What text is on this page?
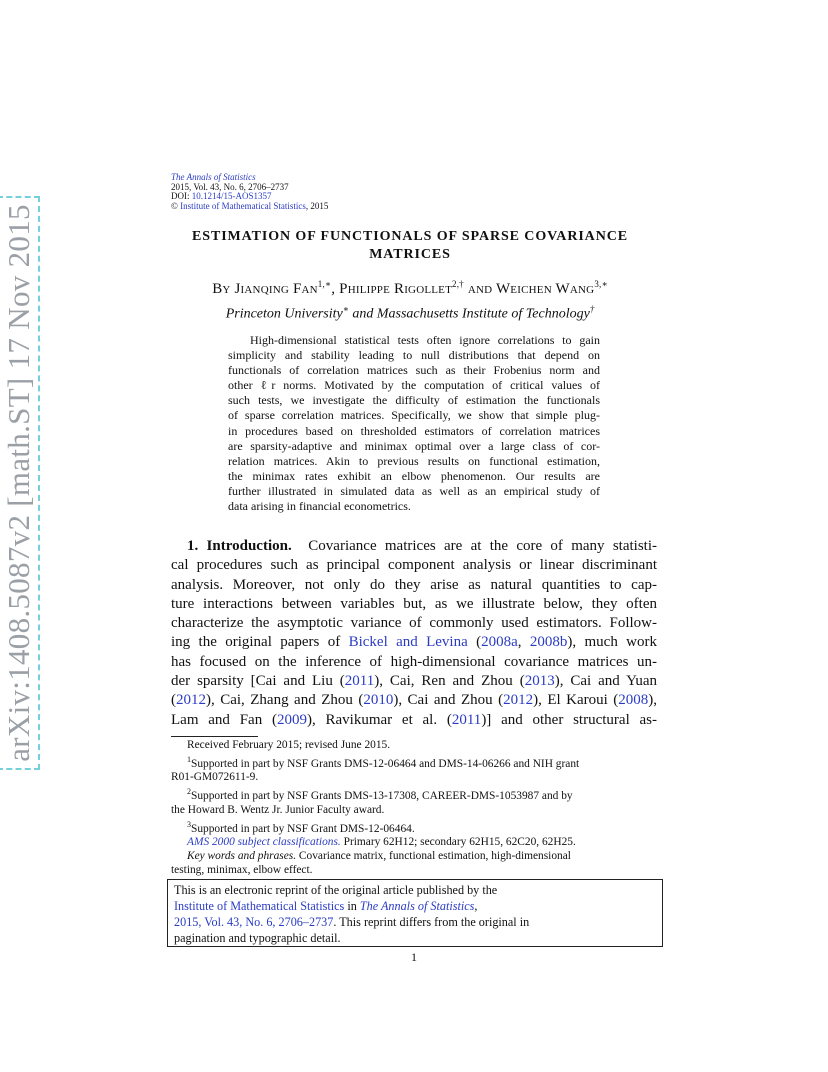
arXiv:1408.5087v2 [math.ST] 17 Nov 2015
The Annals of Statistics
2015, Vol. 43, No. 6, 2706–2737
DOI: 10.1214/15-AOS1357
© Institute of Mathematical Statistics, 2015
ESTIMATION OF FUNCTIONALS OF SPARSE COVARIANCE
MATRICES
By Jianqing Fan$^{1,∗}$, Philippe Rigollet$^{2,\dagger}$ and Weichen Wang$^{3,∗}$
Princeton University∗ and Massachusetts Institute of Technology†
High-dimensional statistical tests often ignore correlations to gain
simplicity and stability leading to null distributions that depend on
functionals of correlation matrices such as their Frobenius norm and
other ℓr norms. Motivated by the computation of critical values of
such tests, we investigate the difficulty of estimation the functionals
of sparse correlation matrices. Specifically, we show that simple plug-
in procedures based on thresholded estimators of correlation matrices
are sparsity-adaptive and minimax optimal over a large class of cor-
relation matrices. Akin to previous results on functional estimation,
the minimax rates exhibit an elbow phenomenon. Our results are
further illustrated in simulated data as well as an empirical study of
data arising in financial econometrics.
1. Introduction. Covariance matrices are at the core of many statisti-
cal procedures such as principal component analysis or linear discriminant
analysis. Moreover, not only do they arise as natural quantities to cap-
ture interactions between variables but, as we illustrate below, they often
characterize the asymptotic variance of commonly used estimators. Follow-
ing the original papers of Bickel and Levina (2008a, 2008b), much work
has focused on the inference of high-dimensional covariance matrices un-
der sparsity [Cai and Liu (2011), Cai, Ren and Zhou (2013), Cai and Yuan
(2012), Cai, Zhang and Zhou (2010), Cai and Zhou (2012), El Karoui (2008),
Lam and Fan (2009), Ravikumar et al. (2011)] and other structural as-
Received February 2015; revised June 2015.
$^1$Supported in part by NSF Grants DMS-12-06464 and DMS-14-06266 and NIH grant
R01-GM072611-9.
$^2$Supported in part by NSF Grants DMS-13-17308, CAREER-DMS-1053987 and by
the Howard B. Wentz Jr. Junior Faculty award.
$^3$Supported in part by NSF Grant DMS-12-06464.
AMS 2000 subject classifications. Primary 62H12; secondary 62H15, 62C20, 62H25.
Key words and phrases. Covariance matrix, functional estimation, high-dimensional
testing, minimax, elbow effect.
This is an electronic reprint of the original article published by the
Institute of Mathematical Statistics in The Annals of Statistics,
2015, Vol. 43, No. 6, 2706–2737. This reprint differs from the original in
pagination and typographic detail.
1
